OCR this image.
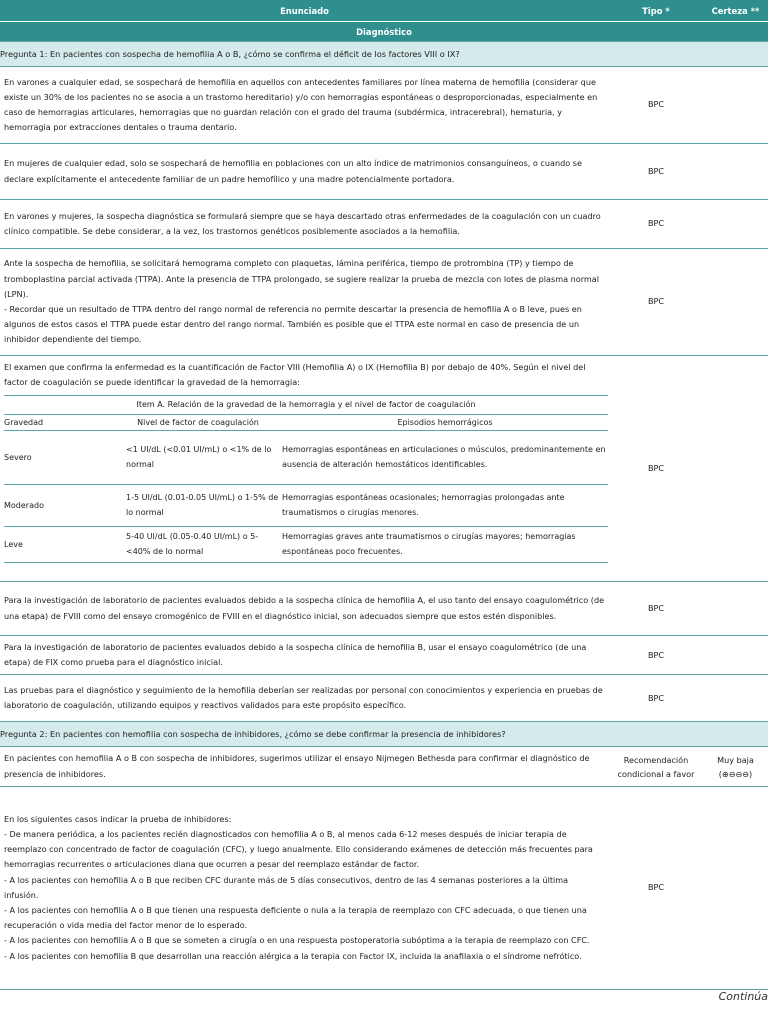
Enunciado	Tipo *	Certeza **
Diagnóstico
Pregunta 1: En pacientes con sospecha de hemofilia A o B, ¿cómo se confirma el déficit de los factores VIII o IX?
En varones a cualquier edad, se sospechará de hemofilia en aquellos con antecedentes familiares por línea materna de hemofilia (considerar que existe un 30% de los pacientes no se asocia a un trastorno hereditario) y/o con hemorragias espontáneas o desproporcionadas, especialmente en caso de hemorragias articulares, hemorragias que no guardan relación con el grado del trauma (subdérmica, intracerebral), hematuria, y hemorragia por extracciones dentales o trauma dentario.	BPC	
En mujeres de cualquier edad, solo se sospechará de hemofilia en poblaciones con un alto índice de matrimonios consanguíneos, o cuando se declare explícitamente el antecedente familiar de un padre hemofílico y una madre potencialmente portadora.	BPC	
En varones y mujeres, la sospecha diagnóstica se formulará siempre que se haya descartado otras enfermedades de la coagulación con un cuadro clínico compatible. Se debe considerar, a la vez, los trastornos genéticos posiblemente asociados a la hemofilia.	BPC	

Ante la sospecha de hemofilia, se solicitará hemograma completo con plaquetas, lámina periférica, tiempo de protrombina (TP) y tiempo de tromboplastina parcial activada (TTPA). Ante la presencia de TTPA prolongado, se sugiere realizar la prueba de mezcla con lotes de plasma normal (LPN).
- Recordar que un resultado de TTPA dentro del rango normal de referencia no permite descartar la presencia de hemofilia A o B leve, pues en algunos de estos casos el TTPA puede estar dentro del rango normal. También es posible que el TTPA este normal en caso de presencia de un inhibidor dependiente del tiempo.
	BPC	

El examen que confirma la enfermedad es la cuantificación de Factor VIII (Hemofilia A) o IX (Hemofilia B) por debajo de 40%. Según el nivel del factor de coagulación se puede identificar la gravedad de la hemorragia:
Item A. Relación de la gravedad de la hemorragia y el nivel de factor de coagulación
Gravedad	Nivel de factor de coagulación	Episodios hemorrágicos
Severo	<1 UI/dL (<0.01 UI/mL) o <1% de lo normal	Hemorragias espontáneas en articulaciones o músculos, predominantemente en ausencia de alteración hemostáticos identificables.
Moderado	1-5 UI/dL (0.01-0.05 UI/mL) o 1-5% de lo normal	Hemorragias espontáneas ocasionales; hemorragias prolongadas ante traumatismos o cirugías menores.
Leve	5-40 UI/dL (0.05-0.40 UI/mL) o 5-<40% de lo normal	Hemorragias graves ante traumatismos o cirugías mayores; hemorragias espontáneas poco frecuentes.
	BPC	
Para la investigación de laboratorio de pacientes evaluados debido a la sospecha clínica de hemofilia A, el uso tanto del ensayo coagulométrico (de una etapa) de FVIII como del ensayo cromogénico de FVIII en el diagnóstico inicial, son adecuados siempre que estos estén disponibles.	BPC	
Para la investigación de laboratorio de pacientes evaluados debido a la sospecha clínica de hemofilia B, usar el ensayo coagulométrico (de una etapa) de FIX como prueba para el diagnóstico inicial.	BPC	
Las pruebas para el diagnóstico y seguimiento de la hemofilia deberían ser realizadas por personal con conocimientos y experiencia en pruebas de laboratorio de coagulación, utilizando equipos y reactivos validados para este propósito específico.	BPC	
Pregunta 2: En pacientes con hemofilia con sospecha de inhibidores, ¿cómo se debe confirmar la presencia de inhibidores?
En pacientes con hemofilia A o B con sospecha de inhibidores, sugerimos utilizar el ensayo Nijmegen Bethesda para confirmar el diagnóstico de presencia de inhibidores.	Recomendación condicional a favor	Muy baja (⊕⊖⊖⊖)

En los siguientes casos indicar la prueba de inhibidores:
- De manera periódica, a los pacientes recién diagnosticados con hemofilia A o B, al menos cada 6-12 meses después de iniciar terapia de reemplazo con concentrado de factor de coagulación (CFC), y luego anualmente. Ello considerando exámenes de detección más frecuentes para hemorragias recurrentes o articulaciones diana que ocurren a pesar del reemplazo estándar de factor.
- A los pacientes con hemofilia A o B que reciben CFC durante más de 5 días consecutivos, dentro de las 4 semanas posteriores a la última infusión.
- A los pacientes con hemofilia A o B que tienen una respuesta deficiente o nula a la terapia de reemplazo con CFC adecuada, o que tienen una recuperación o vida media del factor menor de lo esperado.
- A los pacientes con hemofilia A o B que se someten a cirugía o en una respuesta postoperatoria subóptima a la terapia de reemplazo con CFC.
- A los pacientes con hemofilia B que desarrollan una reacción alérgica a la terapia con Factor IX, incluida la anafilaxia o el síndrome nefrótico.
	BPC	
Continúa
